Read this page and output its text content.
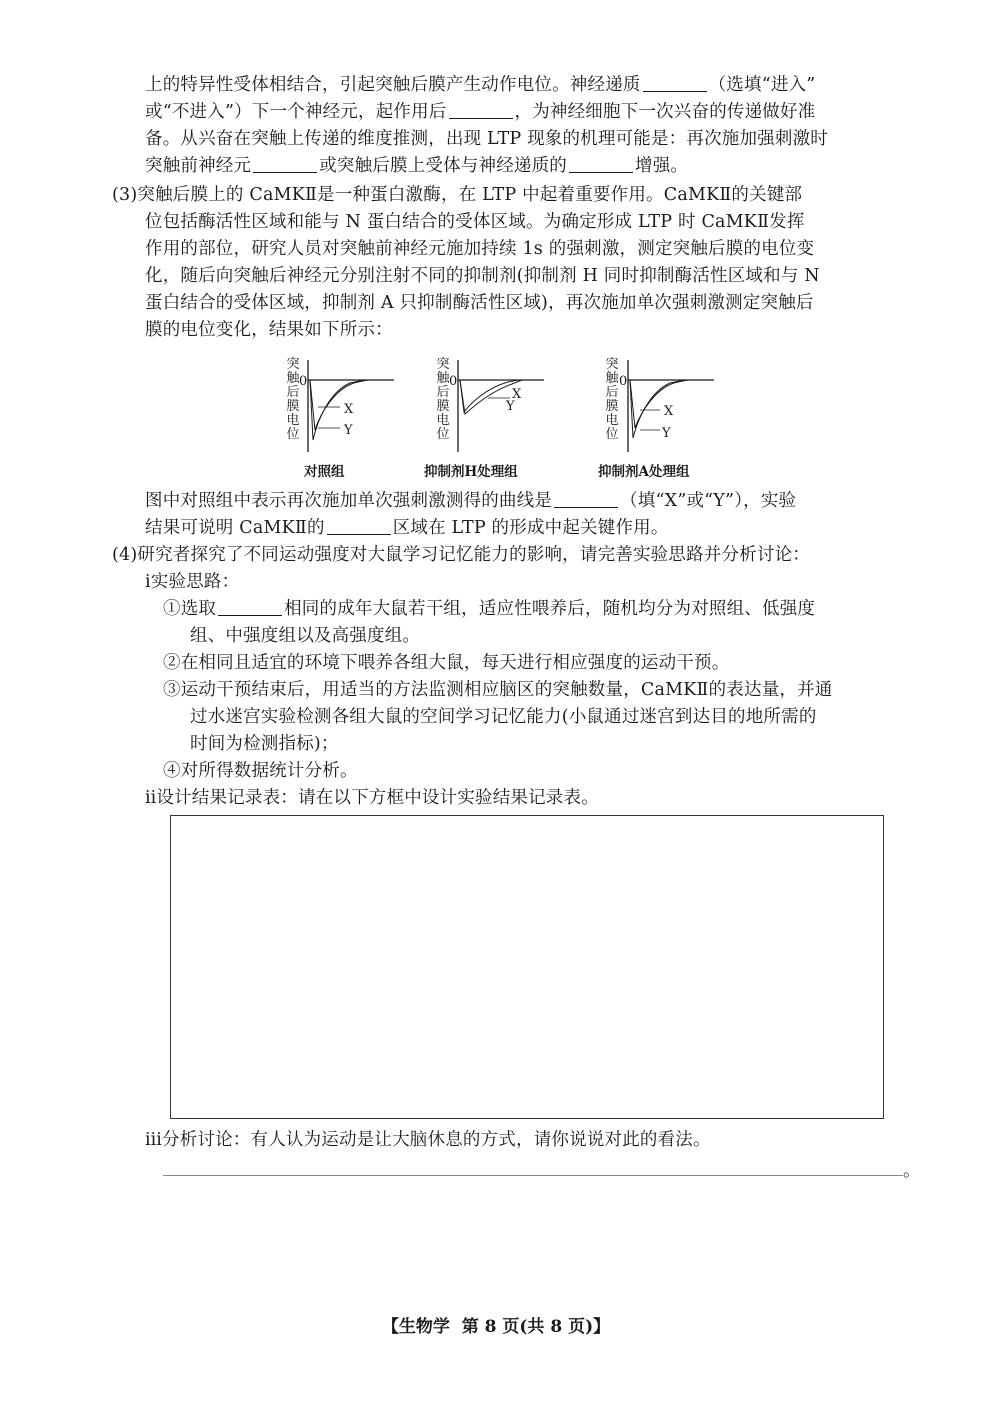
上的特异性受体相结合，引起突触后膜产生动作电位。神经递质	（选填“进入”
或“不进入”）下一个神经元，起作用后	，为神经细胞下一次兴奋的传递做好准
备。从兴奋在突触上传递的维度推测，出现 LTP 现象的机理可能是：再次施加强刺激时
突触前神经元	或突触后膜上受体与神经递质的	增强。
(3)突触后膜上的 CaMKⅡ是一种蛋白激酶，在 LTP 中起着重要作用。CaMKⅡ的关键部
位包括酶活性区域和能与 N 蛋白结合的受体区域。为确定形成 LTP 时 CaMKⅡ发挥
作用的部位，研究人员对突触前神经元施加持续 1s 的强刺激，测定突触后膜的电位变
化，随后向突触后神经元分别注射不同的抑制剂(抑制剂 H 同时抑制酶活性区域和与 N
蛋白结合的受体区域，抑制剂 A 只抑制酶活性区域)，再次施加单次强刺激测定突触后
膜的电位变化，结果如下所示：
突
触
后
膜
电
位
0
X
Y
对照组
突
触
后
膜
电
位
0
X
Y
抑制剂H处理组
突
触
后
膜
电
位
0
X
Y
抑制剂A处理组
图中对照组中表示再次施加单次强刺激测得的曲线是	（填“X”或“Y”），实验
结果可说明 CaMKⅡ的	区域在 LTP 的形成中起关键作用。
(4)研究者探究了不同运动强度对大鼠学习记忆能力的影响，请完善实验思路并分析讨论：
ⅰ实验思路：
①选取	相同的成年大鼠若干组，适应性喂养后，随机均分为对照组、低强度
组、中强度组以及高强度组。
②在相同且适宜的环境下喂养各组大鼠，每天进行相应强度的运动干预。
③运动干预结束后，用适当的方法监测相应脑区的突触数量，CaMKⅡ的表达量，并通
过水迷宫实验检测各组大鼠的空间学习记忆能力(小鼠通过迷宫到达目的地所需的
时间为检测指标)；
④对所得数据统计分析。
ⅱ设计结果记录表：请在以下方框中设计实验结果记录表。
ⅲ分析讨论：有人认为运动是让大脑休息的方式，请你说说对此的看法。
。
【生物学 第 8 页(共 8 页)】
